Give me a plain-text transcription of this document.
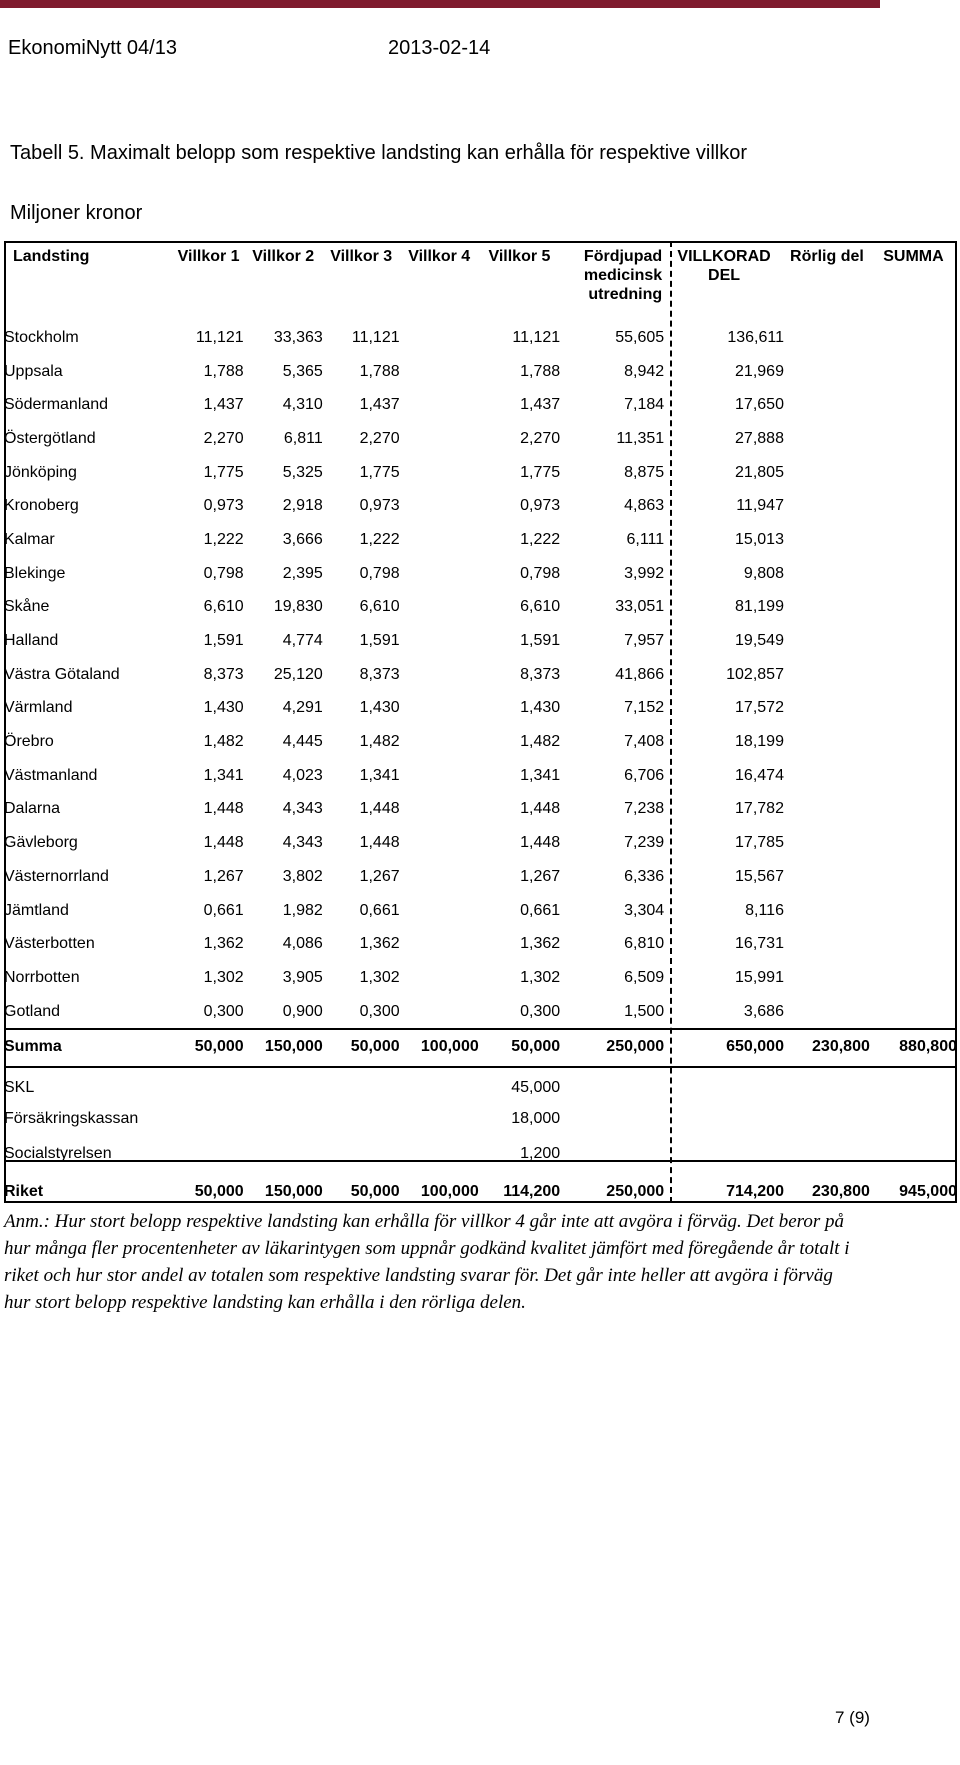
EkonomiNytt 04/13	2013-02-14
Tabell 5. Maximalt belopp som respektive landsting kan erhålla för respektive villkor
Miljoner kronor
Landsting	Villkor 1	Villkor 2	Villkor 3	Villkor 4	Villkor 5	Fördjupad medicinsk utredning	VILLKORAD DEL	Rörlig del	SUMMA
Stockholm	11,121	33,363	11,121		11,121	55,605	136,611		
Uppsala	1,788	5,365	1,788		1,788	8,942	21,969		
Södermanland	1,437	4,310	1,437		1,437	7,184	17,650		
Östergötland	2,270	6,811	2,270		2,270	11,351	27,888		
Jönköping	1,775	5,325	1,775		1,775	8,875	21,805		
Kronoberg	0,973	2,918	0,973		0,973	4,863	11,947		
Kalmar	1,222	3,666	1,222		1,222	6,111	15,013		
Blekinge	0,798	2,395	0,798		0,798	3,992	9,808		
Skåne	6,610	19,830	6,610		6,610	33,051	81,199		
Halland	1,591	4,774	1,591		1,591	7,957	19,549		
Västra Götaland	8,373	25,120	8,373		8,373	41,866	102,857		
Värmland	1,430	4,291	1,430		1,430	7,152	17,572		
Örebro	1,482	4,445	1,482		1,482	7,408	18,199		
Västmanland	1,341	4,023	1,341		1,341	6,706	16,474		
Dalarna	1,448	4,343	1,448		1,448	7,238	17,782		
Gävleborg	1,448	4,343	1,448		1,448	7,239	17,785		
Västernorrland	1,267	3,802	1,267		1,267	6,336	15,567		
Jämtland	0,661	1,982	0,661		0,661	3,304	8,116		
Västerbotten	1,362	4,086	1,362		1,362	6,810	16,731		
Norrbotten	1,302	3,905	1,302		1,302	6,509	15,991		
Gotland	0,300	0,900	0,300		0,300	1,500	3,686		
Summa	50,000	150,000	50,000	100,000	50,000	250,000	650,000	230,800	880,800
SKL					45,000				
Försäkringskassan					18,000				
Socialstyrelsen					1,200				
Riket	50,000	150,000	50,000	100,000	114,200	250,000	714,200	230,800	945,000
Anm.: Hur stort belopp respektive landsting kan erhålla för villkor 4 går inte att avgöra i förväg. Det beror på hur många fler procentenheter av läkarintygen som uppnår godkänd kvalitet jämfört med föregående år totalt i riket och hur stor andel av totalen som respektive landsting svarar för. Det går inte heller att avgöra i förväg hur stort belopp respektive landsting kan erhålla i den rörliga delen.
7 (9)
